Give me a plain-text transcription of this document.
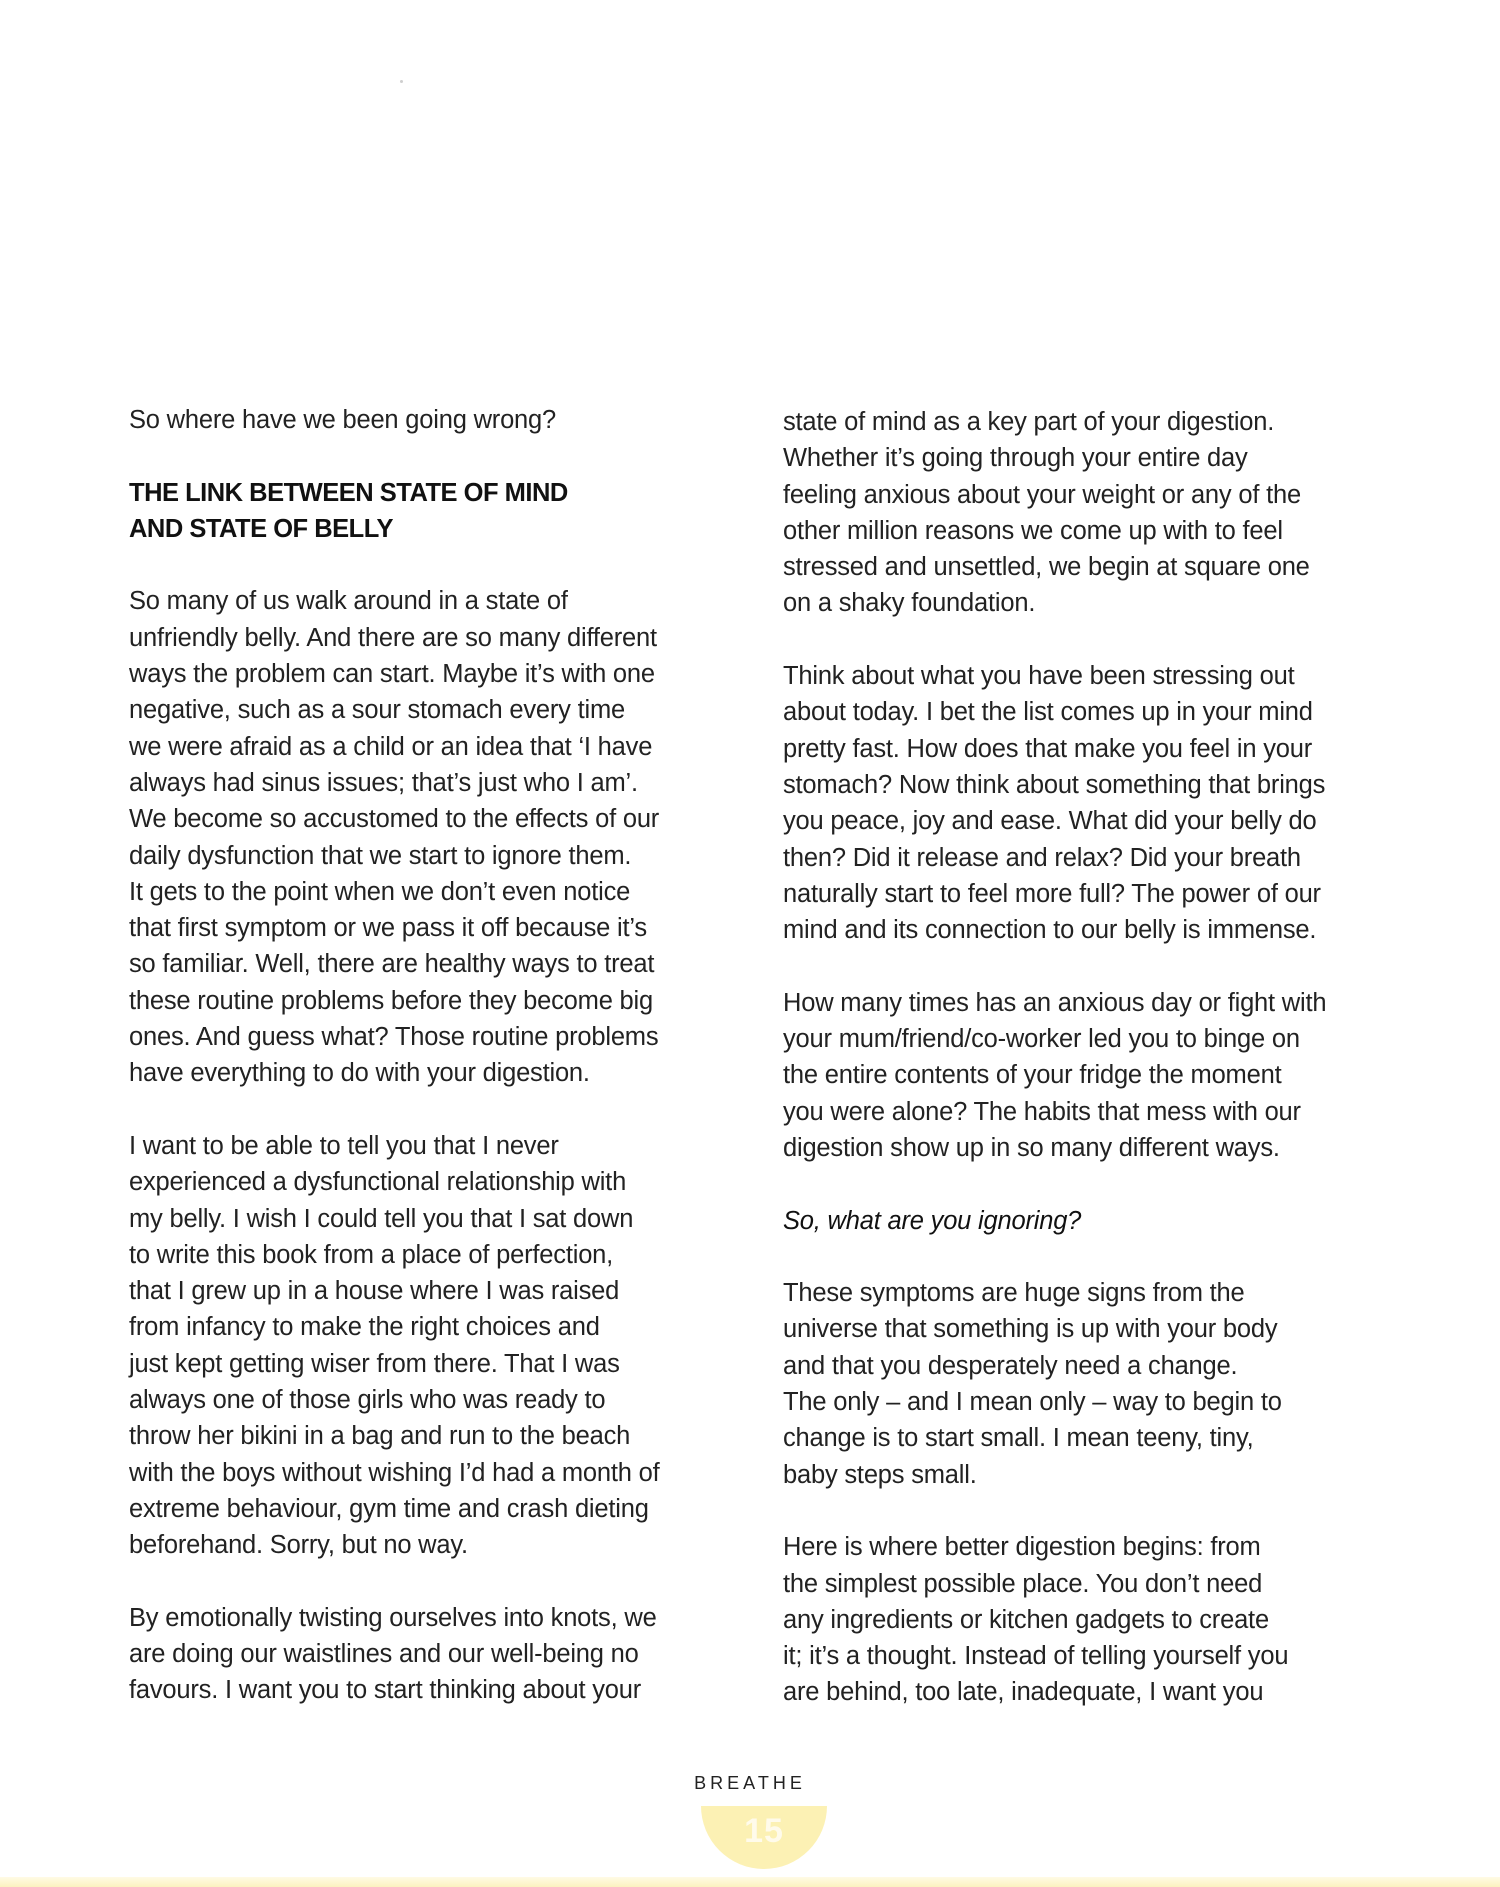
So where have we been going wrong?
THE LINK BETWEEN STATE OF MIND
AND STATE OF BELLY
So many of us walk around in a state of
unfriendly belly. And there are so many different
ways the problem can start. Maybe it’s with one
negative, such as a sour stomach every time
we were afraid as a child or an idea that ‘I have
always had sinus issues; that’s just who I am’.
We become so accustomed to the effects of our
daily dysfunction that we start to ignore them.
It gets to the point when we don’t even notice
that first symptom or we pass it off because it’s
so familiar. Well, there are healthy ways to treat
these routine problems before they become big
ones. And guess what? Those routine problems
have everything to do with your digestion.
I want to be able to tell you that I never
experienced a dysfunctional relationship with
my belly. I wish I could tell you that I sat down
to write this book from a place of perfection,
that I grew up in a house where I was raised
from infancy to make the right choices and
just kept getting wiser from there. That I was
always one of those girls who was ready to
throw her bikini in a bag and run to the beach
with the boys without wishing I’d had a month of
extreme behaviour, gym time and crash dieting
beforehand. Sorry, but no way.
By emotionally twisting ourselves into knots, we
are doing our waistlines and our well-being no
favours. I want you to start thinking about your
state of mind as a key part of your digestion.
Whether it’s going through your entire day
feeling anxious about your weight or any of the
other million reasons we come up with to feel
stressed and unsettled, we begin at square one
on a shaky foundation.
Think about what you have been stressing out
about today. I bet the list comes up in your mind
pretty fast. How does that make you feel in your
stomach? Now think about something that brings
you peace, joy and ease. What did your belly do
then? Did it release and relax? Did your breath
naturally start to feel more full? The power of our
mind and its connection to our belly is immense.
How many times has an anxious day or fight with
your mum/friend/co-worker led you to binge on
the entire contents of your fridge the moment
you were alone? The habits that mess with our
digestion show up in so many different ways.
So, what are you ignoring?
These symptoms are huge signs from the
universe that something is up with your body
and that you desperately need a change.
The only – and I mean only – way to begin to
change is to start small. I mean teeny, tiny,
baby steps small.
Here is where better digestion begins: from
the simplest possible place. You don’t need
any ingredients or kitchen gadgets to create
it; it’s a thought. Instead of telling yourself you
are behind, too late, inadequate, I want you
BREATHE
15
